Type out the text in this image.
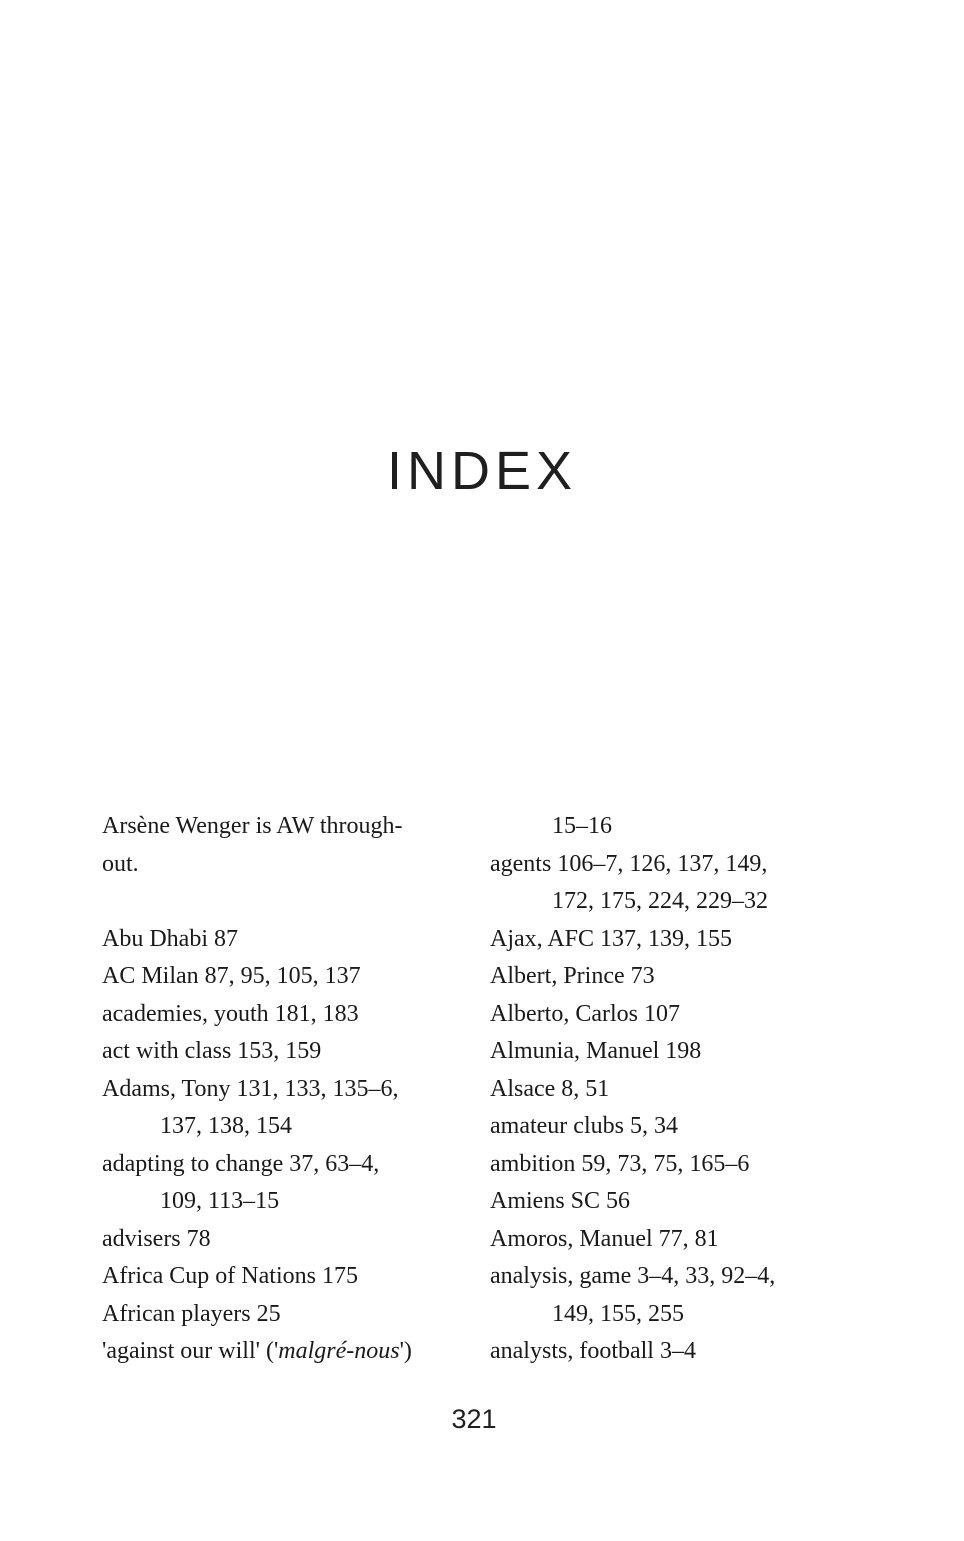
INDEX
Arsène Wenger is AW through-
out.
Abu Dhabi 87
AC Milan 87, 95, 105, 137
academies, youth 181, 183
act with class 153, 159
Adams, Tony 131, 133, 135–6,
137, 138, 154
adapting to change 37, 63–4,
109, 113–15
advisers 78
Africa Cup of Nations 175
African players 25
'against our will' ('malgré-nous')
15–16
agents 106–7, 126, 137, 149,
172, 175, 224, 229–32
Ajax, AFC 137, 139, 155
Albert, Prince 73
Alberto, Carlos 107
Almunia, Manuel 198
Alsace 8, 51
amateur clubs 5, 34
ambition 59, 73, 75, 165–6
Amiens SC 56
Amoros, Manuel 77, 81
analysis, game 3–4, 33, 92–4,
149, 155, 255
analysts, football 3–4
321
